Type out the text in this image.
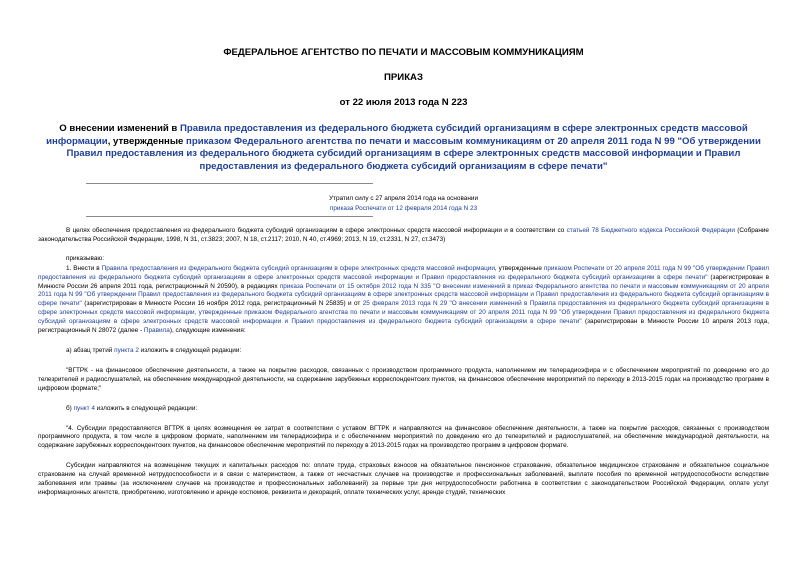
ФЕДЕРАЛЬНОЕ АГЕНТСТВО ПО ПЕЧАТИ И МАССОВЫМ КОММУНИКАЦИЯМ
ПРИКАЗ
от 22 июля 2013 года N 223
О внесении изменений в Правила предоставления из федерального бюджета субсидий организациям в сфере электронных средств массовой информации, утвержденные приказом Федерального агентства по печати и массовым коммуникациям от 20 апреля 2011 года N 99 "Об утверждении Правил предоставления из федерального бюджета субсидий организациям в сфере электронных средств массовой информации и Правил предоставления из федерального бюджета субсидий организациям в сфере печати"
Утратил силу с 27 апреля 2014 года на основании
приказа Роспечати от 12 февраля 2014 года N 23
В целях обеспечения предоставления из федерального бюджета субсидий организациям в сфере электронных средств массовой информации и в соответствии со статьей 78 Бюджетного кодекса Российской Федерации (Собрание законодательства Российской Федерации, 1998, N 31, ст.3823; 2007, N 18, ст.2117; 2010, N 40, ст.4969; 2013, N 19, ст.2331, N 27, ст.3473)
приказываю:
1. Внести в Правила предоставления из федерального бюджета субсидий организациям в сфере электронных средств массовой информации, утвержденные приказом Роспечати от 20 апреля 2011 года N 99 "Об утверждении Правил предоставления из федерального бюджета субсидий организациям в сфере электронных средств массовой информации и Правил предоставления из федерального бюджета субсидий организациям в сфере печати" (зарегистрирован в Минюсте России 26 апреля 2011 года, регистрационный N 20590), в редакциях приказа Роспечати от 15 октября 2012 года N 335 "О внесении изменений в приказ Федерального агентства по печати и массовым коммуникациям от 20 апреля 2011 года N 99 "Об утверждении Правил предоставления из федерального бюджета субсидий организациям в сфере электронных средств массовой информации и Правил предоставления из федерального бюджета субсидий организациям в сфере печати" (зарегистрирован в Минюсте России 16 ноября 2012 года, регистрационный N 25835) и от 25 февраля 2013 года N 29 "О внесении изменений в Правила предоставления из федерального бюджета субсидий организациям в сфере электронных средств массовой информации, утвержденные приказом Федерального агентства по печати и массовым коммуникациям от 20 апреля 2011 года N 99 "Об утверждении Правил предоставления из федерального бюджета субсидий организациям в сфере электронных средств массовой информации и Правил предоставления из федерального бюджета субсидий организациям в сфере печати" (зарегистрирован в Минюсте России 10 апреля 2013 года, регистрационный N 28072 (далее - Правила), следующие изменения:
а) абзац третий пункта 2 изложить в следующей редакции:
"ВГТРК - на финансовое обеспечение деятельности, а также на покрытие расходов, связанных с производством программного продукта, наполнением им телерадиоэфира и с обеспечением мероприятий по доведению его до телезрителей и радиослушателей, на обеспечение международной деятельности, на содержание зарубежных корреспондентских пунктов, на финансовое обеспечение мероприятий по переходу в 2013-2015 годах на производство программ в цифровом формате;"
б) пункт 4 изложить в следующей редакции:
"4. Субсидии предоставляются ВГТРК в целях возмещения ее затрат в соответствии с уставом ВГТРК и направляются на финансовое обеспечение деятельности, а также на покрытие расходов, связанных с производством программного продукта, в том числе в цифровом формате, наполнением им телерадиоэфира и с обеспечением мероприятий по доведению его до телезрителей и радиослушателей, на обеспечение международной деятельности, на содержание зарубежных корреспондентских пунктов, на финансовое обеспечение мероприятий по переходу в 2013-2015 годах на производство программ в цифровом формате.
Субсидии направляются на возмещение текущих и капитальных расходов по: оплате труда, страховых взносов на обязательное пенсионное страхование, обязательное медицинское страхование и обязательное социальное страхование на случай временной нетрудоспособности и в связи с материнством, а также от несчастных случаев на производстве и профессиональных заболеваний, выплате пособия по временной нетрудоспособности вследствие заболевания или травмы (за исключением случаев на производстве и профессиональных заболеваний) за первые три дня нетрудоспособности работника в соответствии с законодательством Российской Федерации, оплате услуг информационных агентств, приобретению, изготовлению и аренде костюмов, реквизита и декораций, оплате технических услуг, аренде студий, технических
